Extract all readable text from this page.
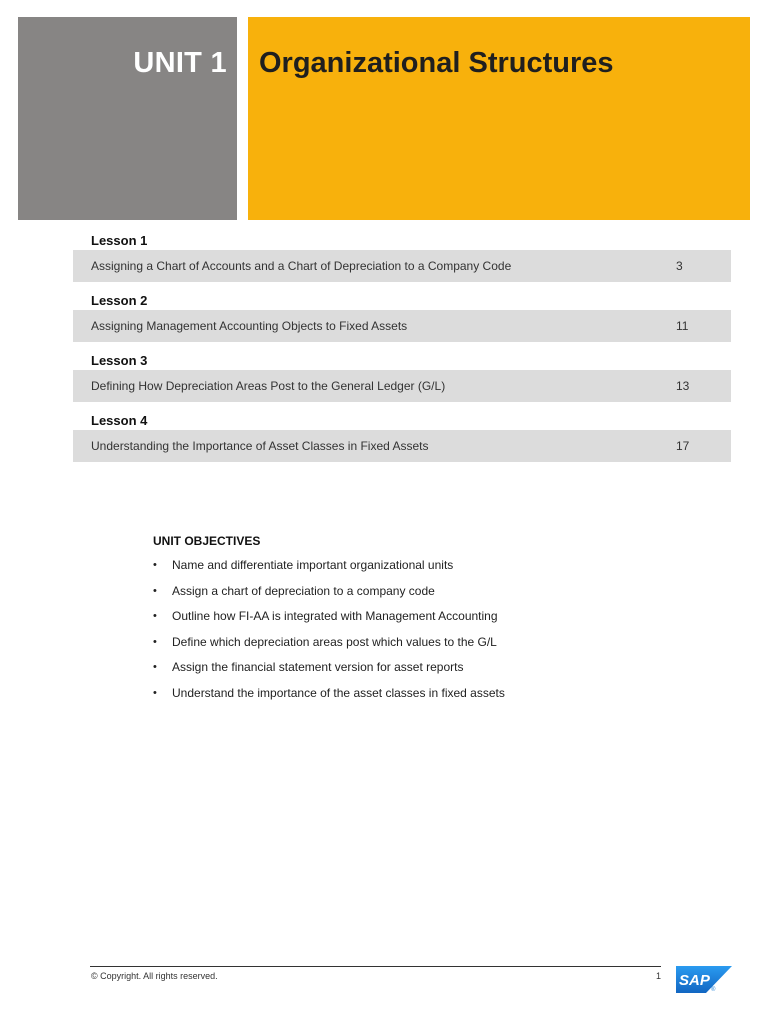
UNIT 1 Organizational Structures
Lesson 1
Assigning a Chart of Accounts and a Chart of Depreciation to a Company Code	3
Lesson 2
Assigning Management Accounting Objects to Fixed Assets	11
Lesson 3
Defining How Depreciation Areas Post to the General Ledger (G/L)	13
Lesson 4
Understanding the Importance of Asset Classes in Fixed Assets	17
UNIT OBJECTIVES
• Name and differentiate important organizational units
• Assign a chart of depreciation to a company code
• Outline how FI-AA is integrated with Management Accounting
• Define which depreciation areas post which values to the G/L
• Assign the financial statement version for asset reports
• Understand the importance of the asset classes in fixed assets
© Copyright. All rights reserved.	1 SAP
®
